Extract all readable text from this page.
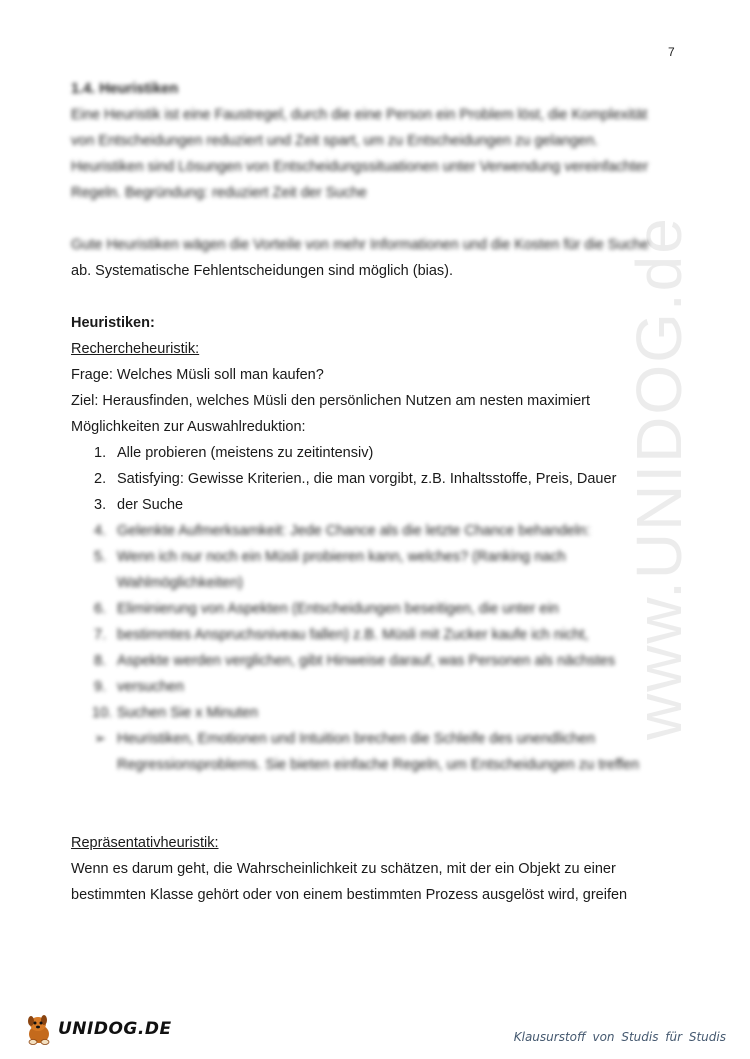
7
www.UNIDOG.de
1.4. Heuristiken
Eine Heuristik ist eine Faustregel, durch die eine Person ein Problem löst, die Komplexität
von Entscheidungen reduziert und Zeit spart, um zu Entscheidungen zu gelangen.
Heuristiken sind Lösungen von Entscheidungssituationen unter Verwendung vereinfachter
Regeln. Begründung: reduziert Zeit der Suche
Gute Heuristiken wägen die Vorteile von mehr Informationen und die Kosten für die Suche
ab. Systematische Fehlentscheidungen sind möglich (bias).
Heuristiken:
Rechercheheuristik:
Frage: Welches Müsli soll man kaufen?
Ziel: Herausfinden, welches Müsli den persönlichen Nutzen am nesten maximiert
Möglichkeiten zur Auswahlreduktion:
1. Alle probieren (meistens zu zeitintensiv)
2. Satisfying: Gewisse Kriterien., die man vorgibt, z.B. Inhaltsstoffe, Preis, Dauer
3. der Suche
4. Gelenkte Aufmerksamkeit: Jede Chance als die letzte Chance behandeln:
5. Wenn ich nur noch ein Müsli probieren kann, welches? (Ranking nach
Wahlmöglichkeiten)
6. Eliminierung von Aspekten (Entscheidungen beseitigen, die unter ein
7. bestimmtes Anspruchsniveau fallen) z.B. Müsli mit Zucker kaufe ich nicht,
8. Aspekte werden verglichen, gibt Hinweise darauf, was Personen als nächstes
9. versuchen
10. Suchen Sie x Minuten
➢ Heuristiken, Emotionen und Intuition brechen die Schleife des unendlichen
Regressionsproblems. Sie bieten einfache Regeln, um Entscheidungen zu treffen
Repräsentativheuristik:
Wenn es darum geht, die Wahrscheinlichkeit zu schätzen, mit der ein Objekt zu einer
bestimmten Klasse gehört oder von einem bestimmten Prozess ausgelöst wird, greifen
UNIDOG.DE	Klausurstoff von Studis für Studis
